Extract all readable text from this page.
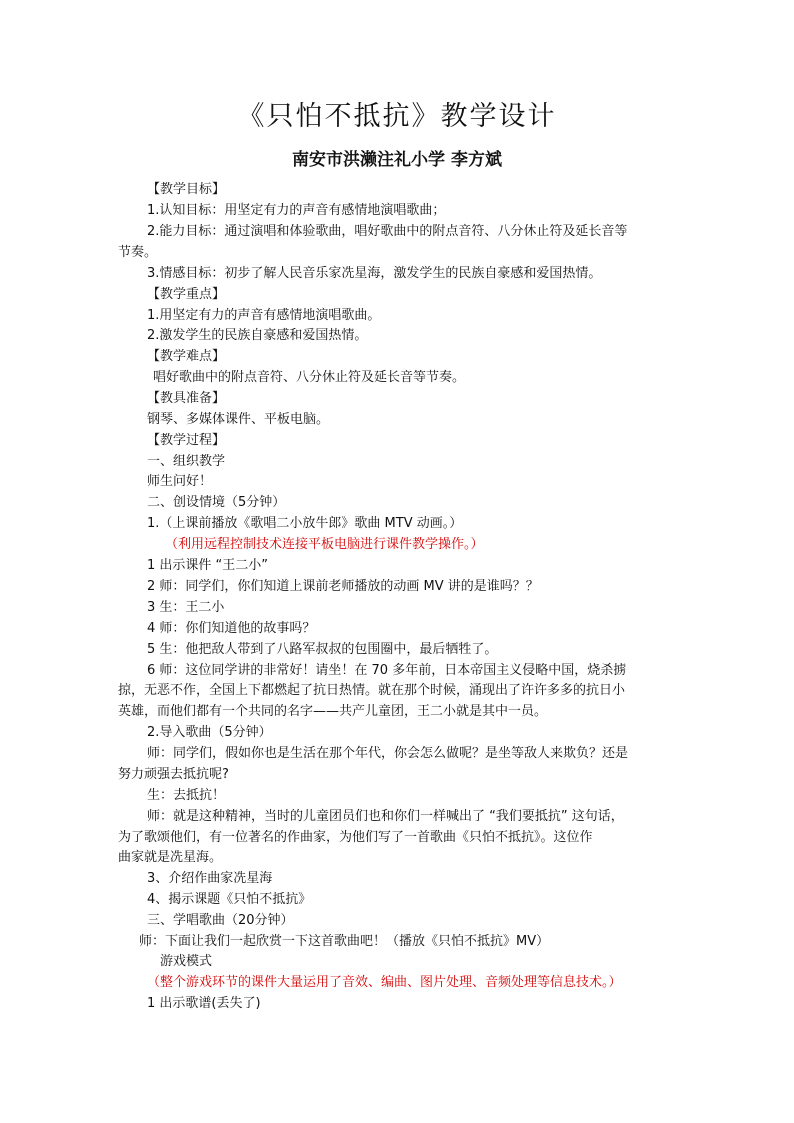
《只怕不抵抗》教学设计
南安市洪濑注礼小学 李方斌
【教学目标】
1.认知目标：用坚定有力的声音有感情地演唱歌曲；
2.能力目标：通过演唱和体验歌曲，唱好歌曲中的附点音符、八分休止符及延长音等
节奏。
3.情感目标：初步了解人民音乐家冼星海，激发学生的民族自豪感和爱国热情。
【教学重点】
1.用坚定有力的声音有感情地演唱歌曲。
2.激发学生的民族自豪感和爱国热情。
【教学难点】
唱好歌曲中的附点音符、八分休止符及延长音等节奏。
【教具准备】
钢琴、多媒体课件、平板电脑。
【教学过程】
一、组织教学
师生问好！
二、创设情境（5分钟）
1.（上课前播放《歌唱二小放牛郎》歌曲 MTV 动画。）
（利用远程控制技术连接平板电脑进行课件教学操作。）
1 出示课件 “王二小”
2 师：同学们，你们知道上课前老师播放的动画 MV 讲的是谁吗？？
3 生：王二小
4 师：你们知道他的故事吗？
5 生：他把敌人带到了八路军叔叔的包围圈中，最后牺牲了。
6 师：这位同学讲的非常好！请坐！在 70 多年前，日本帝国主义侵略中国，烧杀掳
掠，无恶不作，全国上下都燃起了抗日热情。就在那个时候，涌现出了许许多多的抗日小
英雄，而他们都有一个共同的名字——共产儿童团，王二小就是其中一员。
2.导入歌曲（5分钟）
师：同学们，假如你也是生活在那个年代，你会怎么做呢？是坐等敌人来欺负？还是
努力顽强去抵抗呢?
生：去抵抗！
师：就是这种精神，当时的儿童团员们也和你们一样喊出了 “我们要抵抗” 这句话，
为了歌颂他们，有一位著名的作曲家，为他们写了一首歌曲《只怕不抵抗》。这位作
曲家就是冼星海。
3、介绍作曲家冼星海
4、揭示课题《只怕不抵抗》
三、学唱歌曲（20分钟）
师：下面让我们一起欣赏一下这首歌曲吧！（播放《只怕不抵抗》MV）
游戏模式
（整个游戏环节的课件大量运用了音效、编曲、图片处理、音频处理等信息技术。）
1 出示歌谱(丢失了)
